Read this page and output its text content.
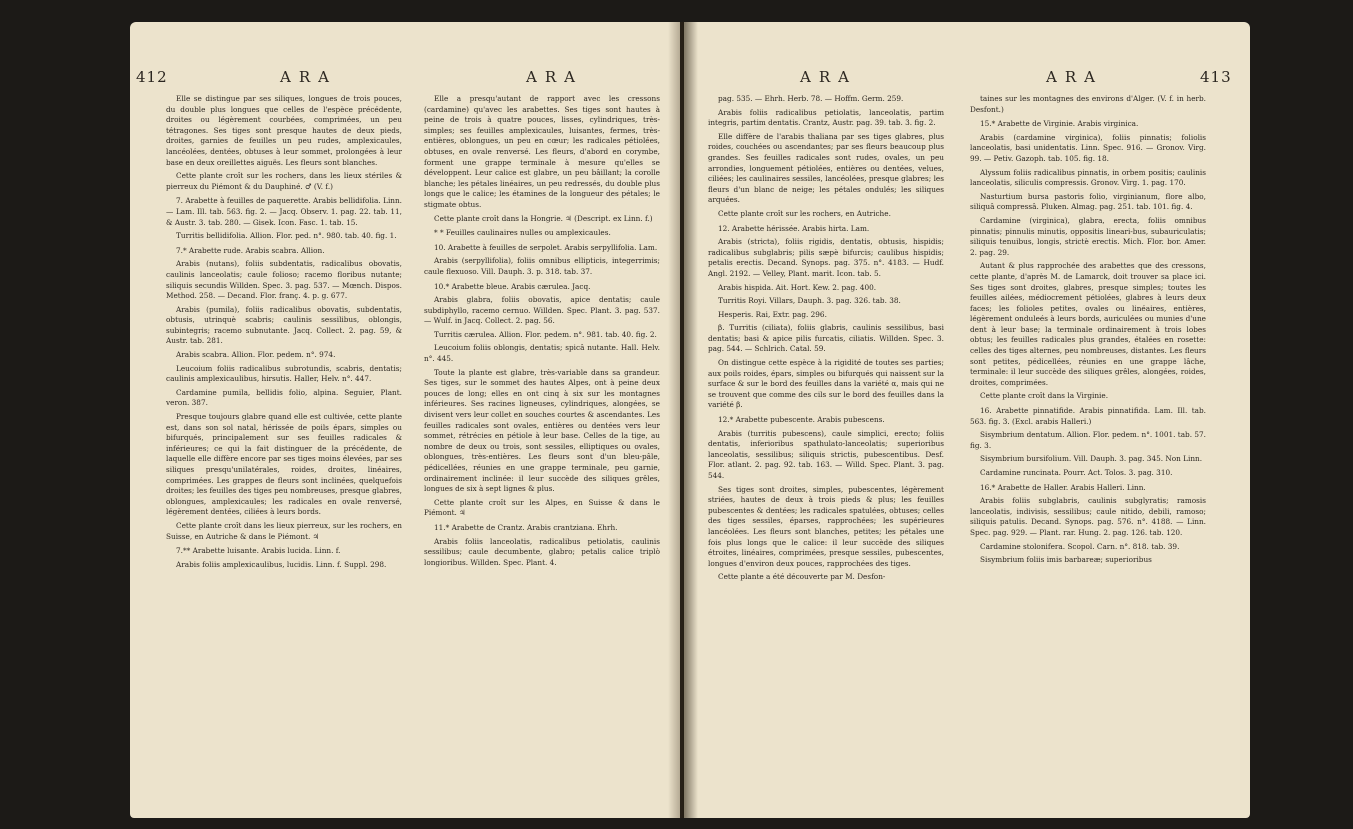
412	ARA	ARA

Elle se distingue par ses siliques, longues de trois pouces, du double plus longues que celles de l'espèce précédente, droites ou légèrement courbées, comprimées, un peu tétragones. Ses tiges sont presque hautes de deux pieds, droites, garnies de feuilles un peu rudes, amplexicaules, lancéolées, dentées, obtuses à leur sommet, prolongées à leur base en deux oreillettes aiguës. Les fleurs sont blanches.

Cette plante croît sur les rochers, dans les lieux stériles & pierreux du Piémont & du Dauphiné. ♂ (V. f.)

7. Arabette à feuilles de paquerette. Arabis bellidifolia. Linn. — Lam. Ill. tab. 563. fig. 2. — Jacq. Observ. 1. pag. 22. tab. 11, & Austr. 3. tab. 280. — Gisek. Icon. Fasc. 1. tab. 15.

Turritis bellidifolia. Allion. Flor. ped. n°. 980. tab. 40. fig. 1.

7.* Arabette rude. Arabis scabra. Allion.

Arabis (nutans), foliis subdentatis, radicalibus obovatis, caulinis lanceolatis; caule folioso; racemo floribus nutante; siliquis secundis Willden. Spec. 3. pag. 537. — Mœnch. Dispos. Method. 258. — Decand. Flor. franç. 4. p. g. 677.

Arabis (pumila), foliis radicalibus obovatis, subdentatis, obtusis, utrinquè scabris; caulinis sessilibus, oblongis, subintegris; racemo subnutante. Jacq. Collect. 2. pag. 59, & Austr. tab. 281.

Arabis scabra. Allion. Flor. pedem. n°. 974.

Leucoium foliis radicalibus subrotundis, scabris, dentatis; caulinis amplexicaulibus, hirsutis. Haller, Helv. n°. 447.

Cardamine pumila, bellidis folio, alpina. Seguier, Plant. veron. 387.

Presque toujours glabre quand elle est cultivée, cette plante est, dans son sol natal, hérissée de poils épars, simples ou bifurqués, principalement sur ses feuilles radicales & inférieures; ce qui la fait distinguer de la précédente, de laquelle elle diffère encore par ses tiges moins élevées, par ses siliques presqu'unilatérales, roides, droites, linéaires, comprimées. Les grappes de fleurs sont inclinées, quelquefois droites; les feuilles des tiges peu nombreuses, presque glabres, oblongues, amplexicaules; les radicales en ovale renversé, légèrement dentées, ciliées à leurs bords.

Cette plante croît dans les lieux pierreux, sur les rochers, en Suisse, en Autriche & dans le Piémont. ♃

7.** Arabette luisante. Arabis lucida. Linn. f.

Arabis foliis amplexicaulibus, lucidis. Linn. f. Suppl. 298.

Elle a presqu'autant de rapport avec les cressons (cardamine) qu'avec les arabettes. Ses tiges sont hautes à peine de trois à quatre pouces, lisses, cylindriques, très-simples; ses feuilles amplexicaules, luisantes, fermes, très-entières, oblongues, un peu en cœur; les radicales pétiolées, obtuses, en ovale renversé. Les fleurs, d'abord en corymbe, forment une grappe terminale à mesure qu'elles se développent. Leur calice est glabre, un peu bâillant; la corolle blanche; les pétales linéaires, un peu redressés, du double plus longs que le calice; les étamines de la longueur des pétales; le stigmate obtus.

Cette plante croît dans la Hongrie. ♃ (Descript. ex Linn. f.)

* * Feuilles caulinaires nulles ou amplexicaules.

10. Arabette à feuilles de serpolet. Arabis serpyllifolia. Lam.

Arabis (serpyllifolia), foliis omnibus ellipticis, integerrimis; caule flexuoso. Vill. Dauph. 3. p. 318. tab. 37.

10.* Arabette bleue. Arabis cærulea. Jacq.

Arabis glabra, foliis obovatis, apice dentatis; caule subdiphyllo, racemo cernuo. Willden. Spec. Plant. 3. pag. 537. — Wulf. in Jacq. Collect. 2. pag. 56.

Turritis cærulea. Allion. Flor. pedem. n°. 981. tab. 40. fig. 2.

Leucoium foliis oblongis, dentatis; spicâ nutante. Hall. Helv. n°. 445.

Toute la plante est glabre, très-variable dans sa grandeur. Ses tiges, sur le sommet des hautes Alpes, ont à peine deux pouces de long; elles en ont cinq à six sur les montagnes inférieures. Ses racines ligneuses, cylindriques, alongées, se divisent vers leur collet en souches courtes & ascendantes. Les feuilles radicales sont ovales, entières ou dentées vers leur sommet, rétrécies en pétiole à leur base. Celles de la tige, au nombre de deux ou trois, sont sessiles, elliptiques ou ovales, oblongues, très-entières. Les fleurs sont d'un bleu-pâle, pédicellées, réunies en une grappe terminale, peu garnie, ordinairement inclinée: il leur succède des siliques grêles, longues de six à sept lignes & plus.

Cette plante croît sur les Alpes, en Suisse & dans le Piémont. ♃

11.* Arabette de Crantz. Arabis crantziana. Ehrh.

Arabis foliis lanceolatis, radicalibus petiolatis, caulinis sessilibus; caule decumbente, glabro; petalis calice triplò longioribus. Willden. Spec. Plant. 4.

ARA	ARA	413

pag. 535. — Ehrh. Herb. 78. — Hoffm. Germ. 259.

Arabis foliis radicalibus petiolatis, lanceolatis, partim integris, partim dentatis. Crantz, Austr. pag. 39. tab. 3. fig. 2.

Elle diffère de l'arabis thaliana par ses tiges glabres, plus roides, couchées ou ascendantes; par ses fleurs beaucoup plus grandes. Ses feuilles radicales sont rudes, ovales, un peu arrondies, longuement pétiolées, entières ou dentées, velues, ciliées; les caulinaires sessiles, lancéolées, presque glabres; les fleurs d'un blanc de neige; les pétales ondulés; les siliques arquées.

Cette plante croît sur les rochers, en Autriche.

12. Arabette hérissée. Arabis hirta. Lam.

Arabis (stricta), foliis rigidis, dentatis, obtusis, hispidis; radicalibus subglabris; pilis sæpè bifurcis; caulibus hispidis; petalis erectis. Decand. Synops. pag. 375. n°. 4183. — Hudf. Angl. 2192. — Velley, Plant. marit. Icon. tab. 5.

Arabis hispida. Ait. Hort. Kew. 2. pag. 400.

Turritis Royi. Villars, Dauph. 3. pag. 326. tab. 38.

Hesperis. Rai, Extr. pag. 296.

β. Turritis (ciliata), foliis glabris, caulinis sessilibus, basi dentatis; basi & apice pilis furcatis, ciliatis. Willden. Spec. 3. pag. 544. — Schlrich. Catal. 59.

On distingue cette espèce à la rigidité de toutes ses parties; aux poils roides, épars, simples ou bifurqués qui naissent sur la surface & sur le bord des feuilles dans la variété α, mais qui ne se trouvent que comme des cils sur le bord des feuilles dans la variété β.

12.* Arabette pubescente. Arabis pubescens.

Arabis (turritis pubescens), caule simplici, erecto; foliis dentatis, inferioribus spathulato-lanceolatis; superioribus lanceolatis, sessilibus; siliquis strictis, pubescentibus. Desf. Flor. atlant. 2. pag. 92. tab. 163. — Willd. Spec. Plant. 3. pag. 544.

Ses tiges sont droites, simples, pubescentes, légèrement striées, hautes de deux à trois pieds & plus; les feuilles pubescentes & dentées; les radicales spatulées, obtuses; celles des tiges sessiles, éparses, rapprochées; les supérieures lancéolées. Les fleurs sont blanches, petites; les pétales une fois plus longs que le calice: il leur succède des siliques étroites, linéaires, comprimées, presque sessiles, pubescentes, longues d'environ deux pouces, rapprochées des tiges.

Cette plante a été découverte par M. Desfon-

taines sur les montagnes des environs d'Alger. (V. f. in herb. Desfont.)

15.* Arabette de Virginie. Arabis virginica.

Arabis (cardamine virginica), foliis pinnatis; foliolis lanceolatis, basi unidentatis. Linn. Spec. 916. — Gronov. Virg. 99. — Petiv. Gazoph. tab. 105. fig. 18.

Alyssum foliis radicalibus pinnatis, in orbem positis; caulinis lanceolatis, siliculis compressis. Gronov. Virg. 1. pag. 170.

Nasturtium bursa pastoris folio, virginianum, flore albo, siliquâ compressâ. Pluken. Almag. pag. 251. tab. 101. fig. 4.

Cardamine (virginica), glabra, erecta, foliis omnibus pinnatis; pinnulis minutis, oppositis lineari-bus, subauriculatis; siliquis tenuibus, longis, strictè erectis. Mich. Flor. bor. Amer. 2. pag. 29.

Autant & plus rapprochée des arabettes que des cressons, cette plante, d'après M. de Lamarck, doit trouver sa place ici. Ses tiges sont droites, glabres, presque simples; toutes les feuilles ailées, médiocrement pétiolées, glabres à leurs deux faces; les folioles petites, ovales ou linéaires, entières, légèrement onduleés à leurs bords, auriculées ou munies d'une dent à leur base; la terminale ordinairement à trois lobes obtus; les feuilles radicales plus grandes, étalées en rosette: celles des tiges alternes, peu nombreuses, distantes. Les fleurs sont petites, pédicellées, réunies en une grappe lâche, terminale: il leur succède des siliques grêles, alongées, roides, droites, comprimées.

Cette plante croît dans la Virginie.

16. Arabette pinnatifide. Arabis pinnatifida. Lam. Ill. tab. 563. fig. 3. (Excl. arabis Halleri.)

Sisymbrium dentatum. Allion. Flor. pedem. n°. 1001. tab. 57. fig. 3.

Sisymbrium bursifolium. Vill. Dauph. 3. pag. 345. Non Linn.

Cardamine runcinata. Pourr. Act. Tolos. 3. pag. 310.

16.* Arabette de Haller. Arabis Halleri. Linn.

Arabis foliis subglabris, caulinis subglyratis; ramosis lanceolatis, indivisis, sessilibus; caule nitido, debili, ramoso; siliquis patulis. Decand. Synops. pag. 576. n°. 4188. — Linn. Spec. pag. 929. — Plant. rar. Hung. 2. pag. 126. tab. 120.

Cardamine stolonifera. Scopol. Carn. n°. 818. tab. 39.

Sisymbrium foliis imis barbareæ; superioribus
